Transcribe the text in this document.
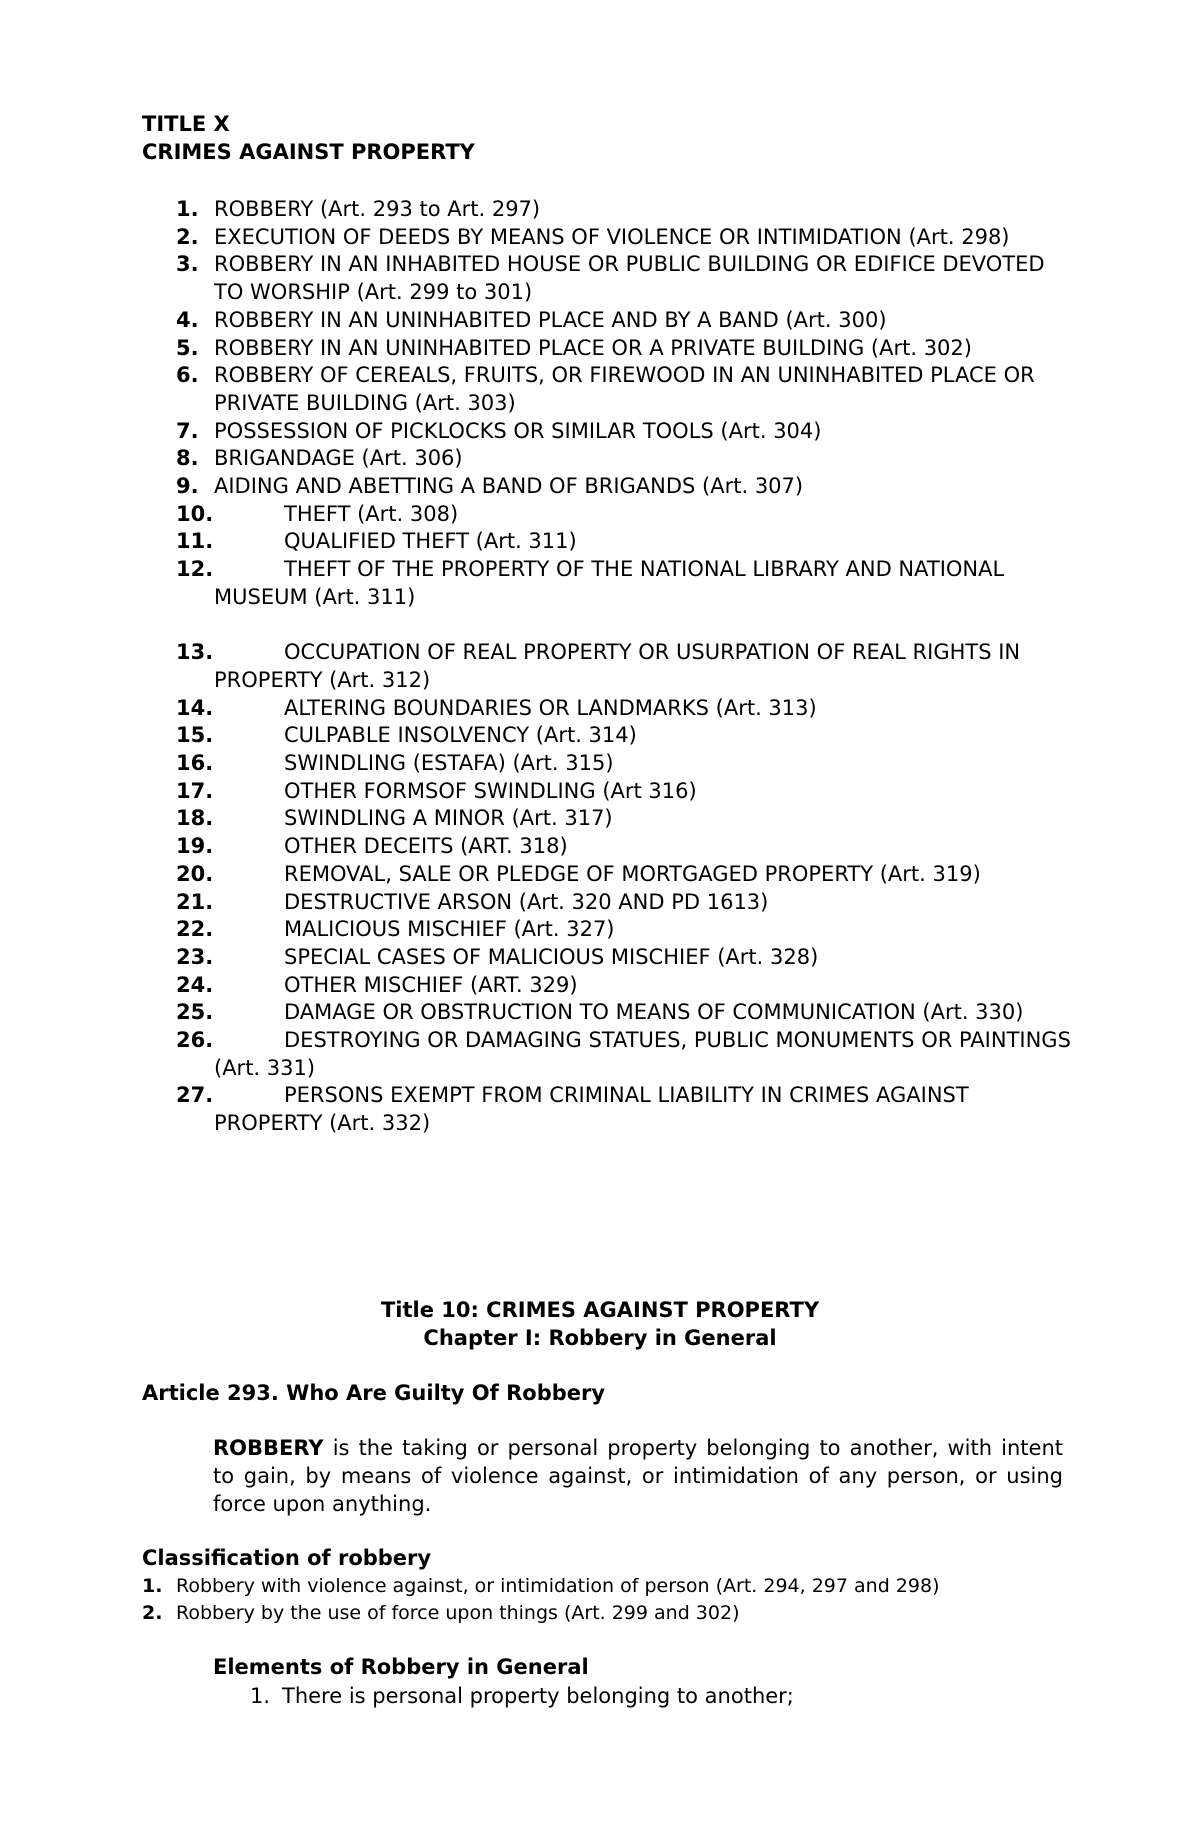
TITLE X
CRIMES AGAINST PROPERTY
1. ROBBERY (Art. 293 to Art. 297)
2. EXECUTION OF DEEDS BY MEANS OF VIOLENCE OR INTIMIDATION (Art. 298)
3. ROBBERY IN AN INHABITED HOUSE OR PUBLIC BUILDING OR EDIFICE DEVOTED TO WORSHIP (Art. 299 to 301)
4. ROBBERY IN AN UNINHABITED PLACE AND BY A BAND (Art. 300)
5. ROBBERY IN AN UNINHABITED PLACE OR A PRIVATE BUILDING (Art. 302)
6. ROBBERY OF CEREALS, FRUITS, OR FIREWOOD IN AN UNINHABITED PLACE OR PRIVATE BUILDING (Art. 303)
7. POSSESSION OF PICKLOCKS OR SIMILAR TOOLS (Art. 304)
8. BRIGANDAGE (Art. 306)
9. AIDING AND ABETTING A BAND OF BRIGANDS (Art. 307)
10.	THEFT (Art. 308)
11.	QUALIFIED THEFT (Art. 311)
12.	THEFT OF THE PROPERTY OF THE NATIONAL LIBRARY AND NATIONAL MUSEUM (Art. 311)
13.	OCCUPATION OF REAL PROPERTY OR USURPATION OF REAL RIGHTS IN PROPERTY (Art. 312)
14.	ALTERING BOUNDARIES OR LANDMARKS (Art. 313)
15.	CULPABLE INSOLVENCY (Art. 314)
16.	SWINDLING (ESTAFA) (Art. 315)
17.	OTHER FORMSOF SWINDLING (Art 316)
18.	SWINDLING A MINOR (Art. 317)
19.	OTHER DECEITS (ART. 318)
20.	REMOVAL, SALE OR PLEDGE OF MORTGAGED PROPERTY (Art. 319)
21.	DESTRUCTIVE ARSON (Art. 320 AND PD 1613)
22.	MALICIOUS MISCHIEF (Art. 327)
23.	SPECIAL CASES OF MALICIOUS MISCHIEF (Art. 328)
24.	OTHER MISCHIEF (ART. 329)
25.	DAMAGE OR OBSTRUCTION TO MEANS OF COMMUNICATION (Art. 330)
26.	DESTROYING OR DAMAGING STATUES, PUBLIC MONUMENTS OR PAINTINGS (Art. 331)
27.	PERSONS EXEMPT FROM CRIMINAL LIABILITY IN CRIMES AGAINST PROPERTY (Art. 332)
Title 10: CRIMES AGAINST PROPERTY
Chapter I: Robbery in General
Article 293. Who Are Guilty Of Robbery
ROBBERY is the taking or personal property belonging to another, with intent to gain, by means of violence against, or intimidation of any person, or using force upon anything.
Classification of robbery
1. Robbery with violence against, or intimidation of person (Art. 294, 297 and 298)
2. Robbery by the use of force upon things (Art. 299 and 302)
Elements of Robbery in General
1. There is personal property belonging to another;
